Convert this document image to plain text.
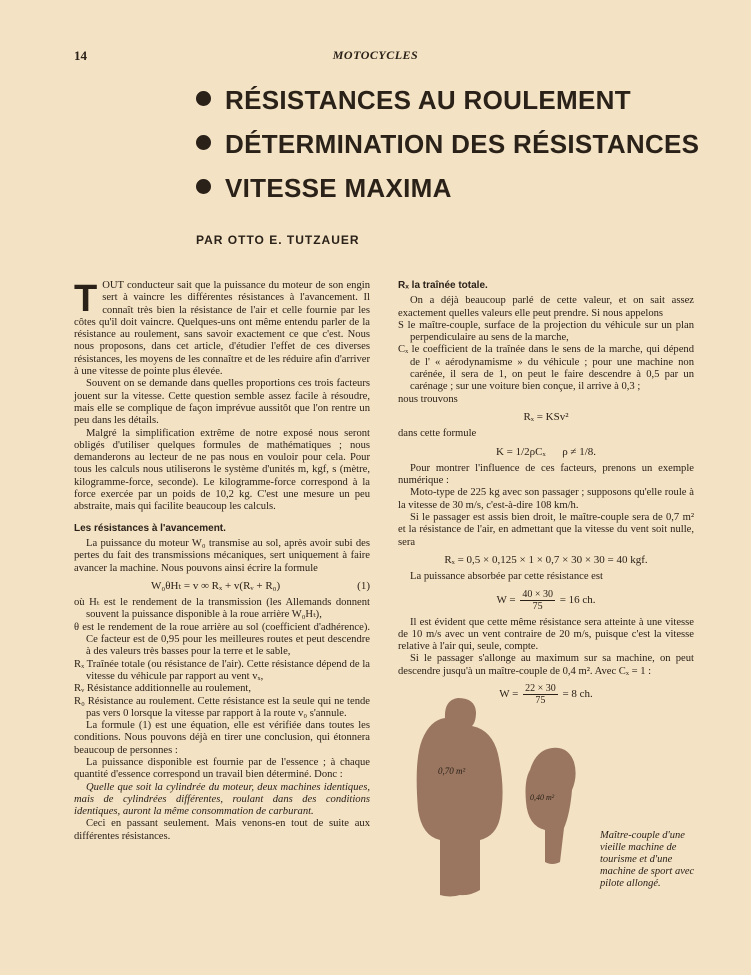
14	MOTOCYCLES
RÉSISTANCES AU ROULEMENT
DÉTERMINATION DES RÉSISTANCES
VITESSE MAXIMA
PAR OTTO E. TUTZAUER

TOUT conducteur sait que la puissance du moteur de son engin sert à vaincre les différentes résistances à l'avancement. Il connaît très bien la résistance de l'air et celle fournie par les côtes qu'il doit vaincre. Quelques-uns ont même entendu parler de la résistance au roulement, sans savoir exactement ce que c'est. Nous nous proposons, dans cet article, d'étudier l'effet de ces diverses résistances, les moyens de les connaître et de les réduire afin d'arriver à une vitesse de pointe plus élevée.

Souvent on se demande dans quelles proportions ces trois facteurs jouent sur la vitesse. Cette question semble assez facile à résoudre, mais elle se complique de façon imprévue aussitôt que l'on rentre un peu dans les détails.

Malgré la simplification extrême de notre exposé nous seront obligés d'utiliser quelques formules de mathématiques ; nous demanderons au lecteur de ne pas nous en vouloir pour cela. Pour tous les calculs nous utiliserons le système d'unités m, kgf, s (mètre, kilogramme-force, seconde). Le kilogramme-force correspond à la force exercée par un poids de 10,2 kg. C'est une mesure un peu abstraite, mais qui facilite beaucoup les calculs.

Les résistances à l'avancement.

La puissance du moteur W₀ transmise au sol, après avoir subi des pertes du fait des transmissions mécaniques, sert uniquement à faire avancer la machine. Nous pouvons ainsi écrire la formule

W₀θHₜ = v ∞ Rₓ + v(Rᵥ + R₀)	(1)

où Hₜ est le rendement de la transmission (les Allemands donnent souvent la puissance disponible à la roue arrière W₀Hₜ),

θ est le rendement de la roue arrière au sol (coefficient d'adhérence). Ce facteur est de 0,95 pour les meilleures routes et peut descendre à des valeurs très basses pour la terre et le sable,

Rₓ Traînée totale (ou résistance de l'air). Cette résistance dépend de la vitesse du véhicule par rapport au vent vₓ,

Rᵥ Résistance additionnelle au roulement,

R₀ Résistance au roulement. Cette résistance est la seule qui ne tende pas vers 0 lorsque la vitesse par rapport à la route v₀ s'annule.

La formule (1) est une équation, elle est vérifiée dans toutes les conditions. Nous pouvons déjà en tirer une conclusion, qui étonnera beaucoup de personnes :

La puissance disponible est fournie par de l'essence ; à chaque quantité d'essence correspond un travail bien déterminé. Donc :

Quelle que soit la cylindrée du moteur, deux machines identiques, mais de cylindrées différentes, roulant dans des conditions identiques, auront la même consommation de carburant.

Ceci en passant seulement. Mais venons-en tout de suite aux différentes résistances.

Rₓ la traînée totale.

On a déjà beaucoup parlé de cette valeur, et on sait assez exactement quelles valeurs elle peut prendre. Si nous appelons

S le maître-couple, surface de la projection du véhicule sur un plan perpendiculaire au sens de la marche,

Cₓ le coefficient de la traînée dans le sens de la marche, qui dépend de l' « aérodynamisme » du véhicule ; pour une machine non carénée, il sera de 1, on peut le faire descendre à 0,5 par un carénage ; sur une voiture bien conçue, il arrive à 0,3 ;

nous trouvons

Rₓ = KSv²

dans cette formule

K = 1/2ρCₓ      ρ ≠ 1/8.

Pour montrer l'influence de ces facteurs, prenons un exemple numérique :

Moto-type de 225 kg avec son passager ; supposons qu'elle roule à la vitesse de 30 m/s, c'est-à-dire 108 km/h.

Si le passager est assis bien droit, le maître-couple sera de 0,7 m² et la résistance de l'air, en admettant que la vitesse du vent soit nulle, sera

Rₓ = 0,5 × 0,125 × 1 × 0,7 × 30 × 30 = 40 kgf.

La puissance absorbée par cette résistance est

$W = \frac{40 \times 30}{75} = 16$ ch.

Il est évident que cette même résistance sera atteinte à une vitesse de 10 m/s avec un vent contraire de 20 m/s, puisque c'est la vitesse relative à l'air qui, seule, compte.

Si le passager s'allonge au maximum sur sa machine, on peut descendre jusqu'à un maître-couple de 0,4 m². Avec Cₓ = 1 :

$W = \frac{22 \times 30}{75} = 8$ ch.
0,70 m²
0,40 m²
Maître-couple d'une vieille machine de tourisme et d'une machine de sport avec pilote allongé.
